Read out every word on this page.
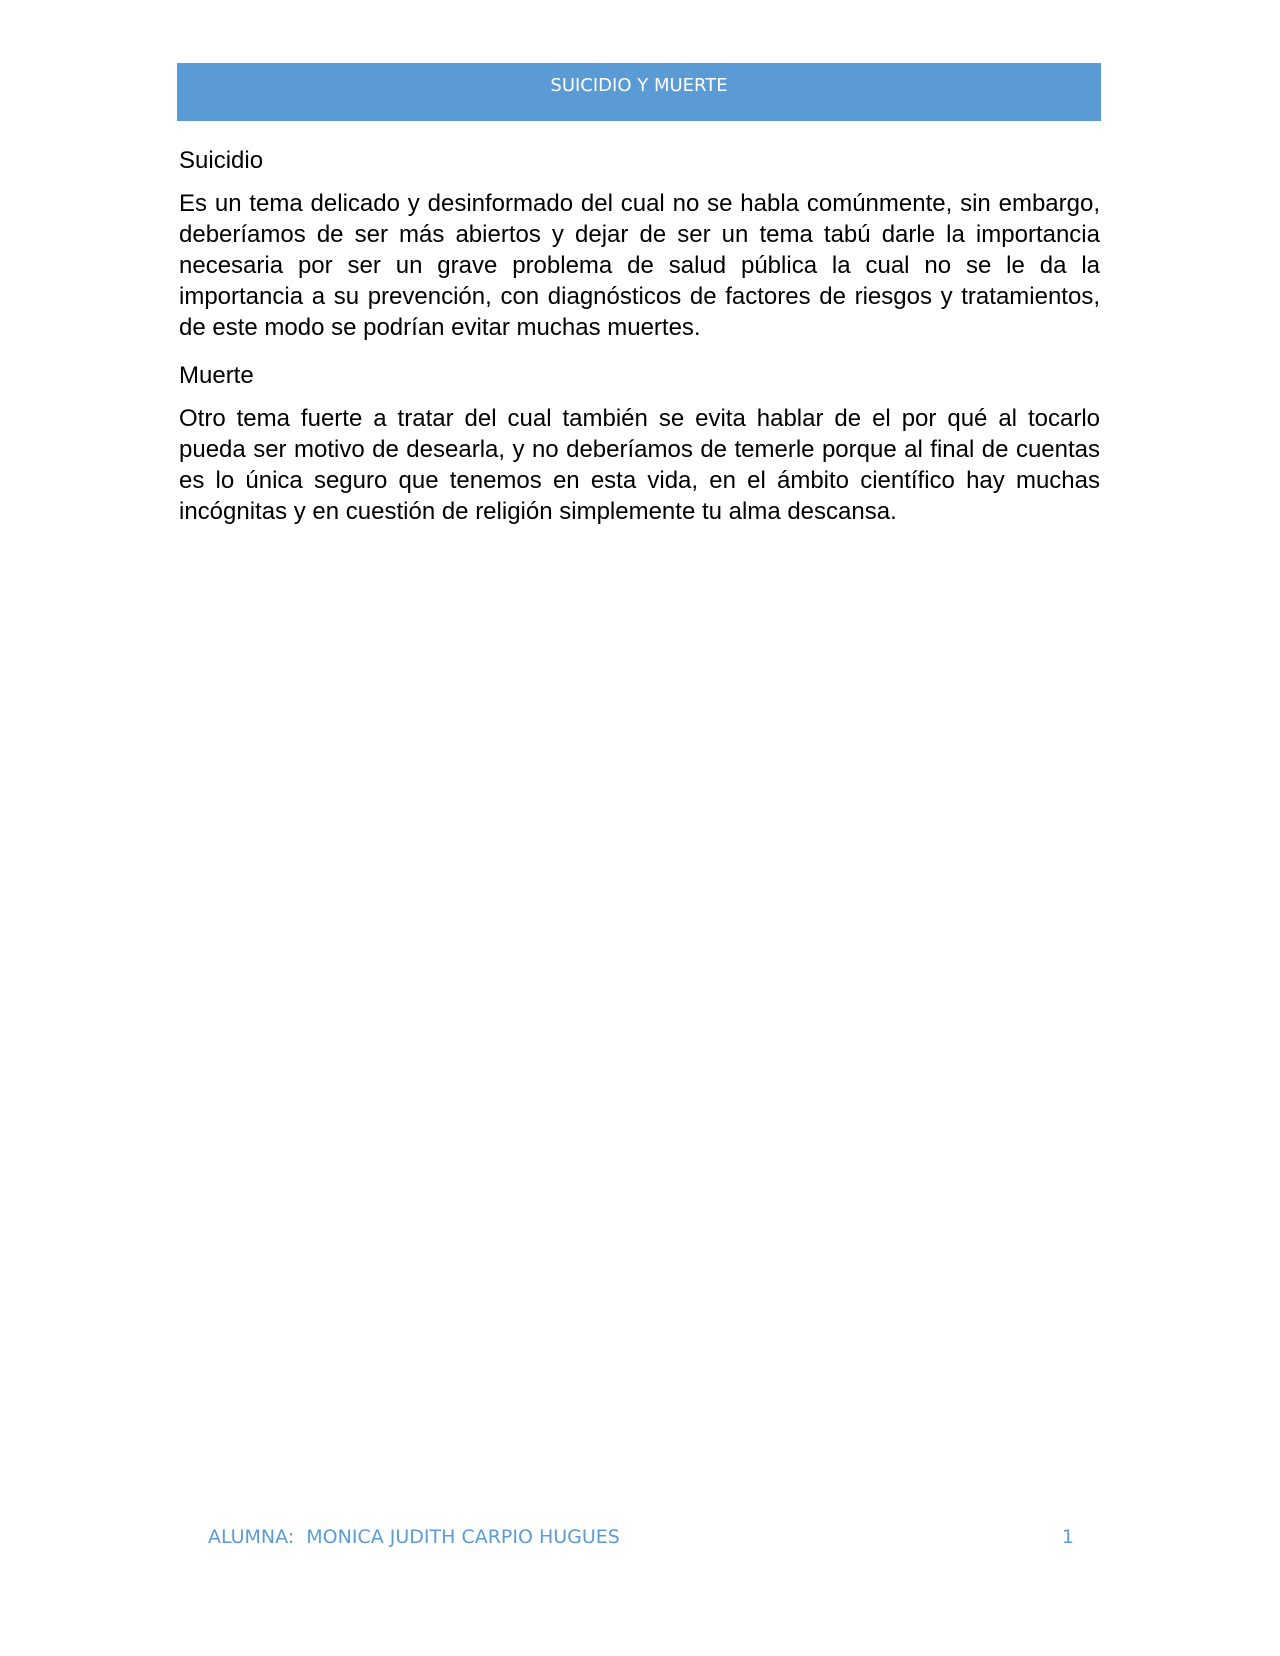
SUICIDIO Y MUERTE

Suicidio

Es un tema delicado y desinformado del cual no se habla comúnmente, sin embargo, deberíamos de ser más abiertos y dejar de ser un tema tabú darle la importancia necesaria por ser un grave problema de salud pública la cual no se le da la importancia a su prevención, con diagnósticos de factores de riesgos y tratamientos, de este modo se podrían evitar muchas muertes.

Muerte

Otro tema fuerte a tratar del cual también se evita hablar de el por qué al tocarlo pueda ser motivo de desearla, y no deberíamos de temerle porque al final de cuentas es lo única seguro que tenemos en esta vida, en el ámbito científico hay muchas incógnitas y en cuestión de religión simplemente tu alma descansa.

ALUMNA:  MONICA JUDITH CARPIO HUGUES	1
